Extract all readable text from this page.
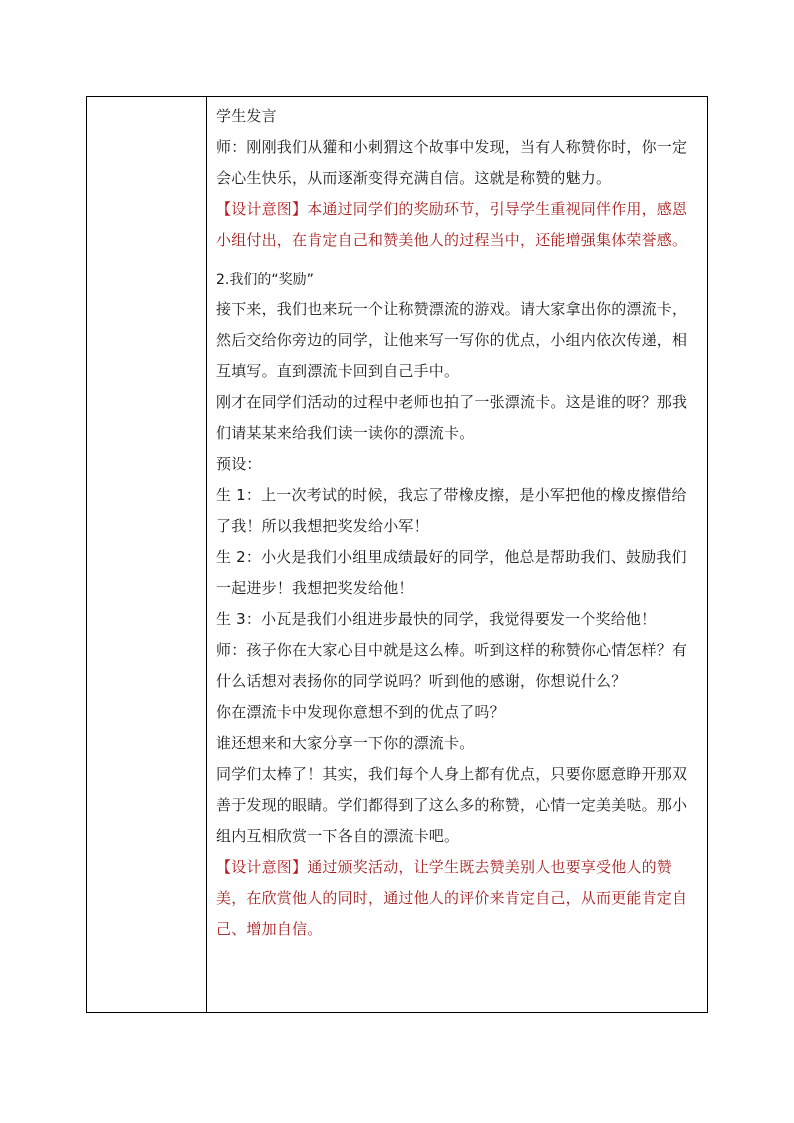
学生发言

师：刚刚我们从獾和小刺猬这个故事中发现，当有人称赞你时，你一定会心生快乐，从而逐渐变得充满自信。这就是称赞的魅力。

【设计意图】本通过同学们的奖励环节，引导学生重视同伴作用，感恩小组付出，在肯定自己和赞美他人的过程当中，还能增强集体荣誉感。

2.我们的“奖励”

接下来，我们也来玩一个让称赞漂流的游戏。请大家拿出你的漂流卡，然后交给你旁边的同学，让他来写一写你的优点，小组内依次传递，相互填写。直到漂流卡回到自己手中。

刚才在同学们活动的过程中老师也拍了一张漂流卡。这是谁的呀？那我们请某某来给我们读一读你的漂流卡。

预设：

生 1：上一次考试的时候，我忘了带橡皮擦，是小军把他的橡皮擦借给了我！所以我想把奖发给小军！

生 2：小火是我们小组里成绩最好的同学，他总是帮助我们、鼓励我们一起进步！我想把奖发给他！

生 3：小瓦是我们小组进步最快的同学，我觉得要发一个奖给他！

师：孩子你在大家心目中就是这么棒。听到这样的称赞你心情怎样？有什么话想对表扬你的同学说吗？听到他的感谢，你想说什么？

你在漂流卡中发现你意想不到的优点了吗？

谁还想来和大家分享一下你的漂流卡。

同学们太棒了！其实，我们每个人身上都有优点，只要你愿意睁开那双善于发现的眼睛。学们都得到了这么多的称赞，心情一定美美哒。那小组内互相欣赏一下各自的漂流卡吧。

【设计意图】通过颁奖活动，让学生既去赞美别人也要享受他人的赞美，在欣赏他人的同时，通过他人的评价来肯定自己，从而更能肯定自己、增加自信。
